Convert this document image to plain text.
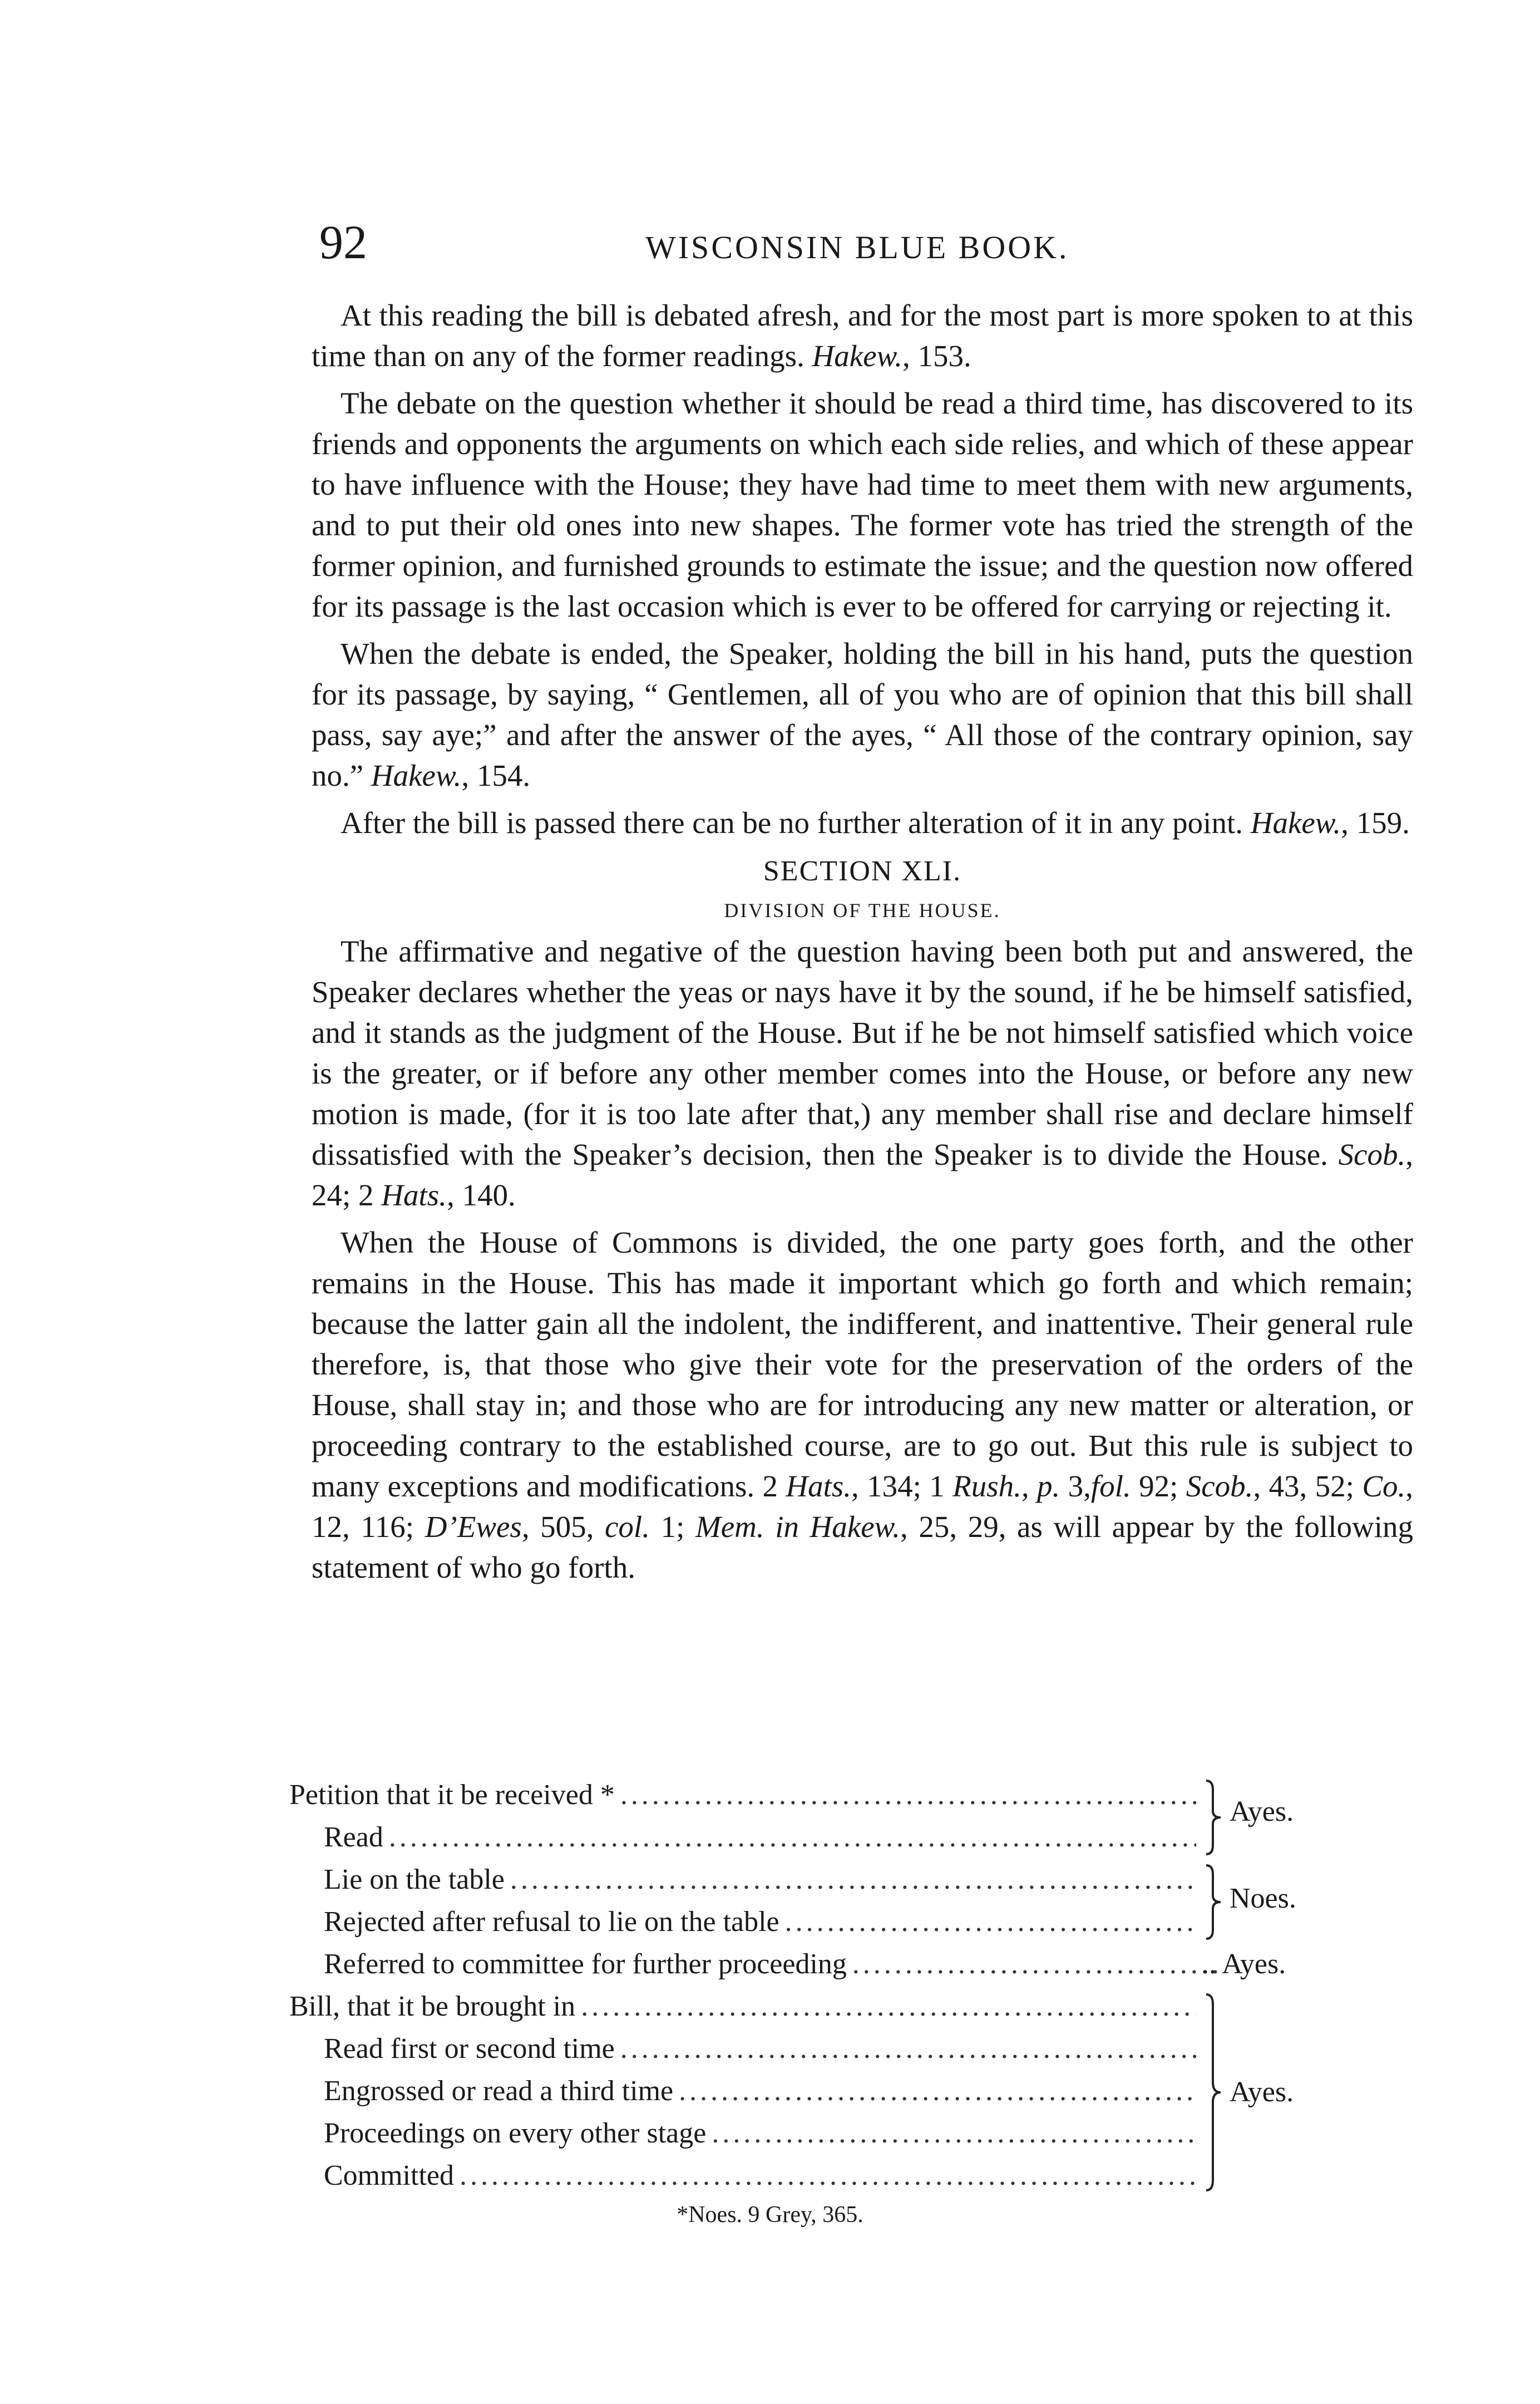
92	WISCONSIN BLUE BOOK.

At this reading the bill is debated afresh, and for the most part is more spoken to at this time than on any of the former readings. Hakew., 153.

The debate on the question whether it should be read a third time, has discovered to its friends and opponents the arguments on which each side relies, and which of these appear to have influence with the House; they have had time to meet them with new arguments, and to put their old ones into new shapes. The former vote has tried the strength of the former opinion, and furnished grounds to estimate the issue; and the question now offered for its passage is the last occasion which is ever to be offered for carrying or rejecting it.

When the debate is ended, the Speaker, holding the bill in his hand, puts the question for its passage, by saying, “ Gentlemen, all of you who are of opinion that this bill shall pass, say aye;” and after the answer of the ayes, “ All those of the contrary opinion, say no.” Hakew., 154.

After the bill is passed there can be no further alteration of it in any point. Hakew., 159.

SECTION XLI.
DIVISION OF THE HOUSE.

The affirmative and negative of the question having been both put and answered, the Speaker declares whether the yeas or nays have it by the sound, if he be himself satisfied, and it stands as the judgment of the House. But if he be not himself satisfied which voice is the greater, or if before any other member comes into the House, or before any new motion is made, (for it is too late after that,) any member shall rise and declare himself dissatisfied with the Speaker’s decision, then the Speaker is to divide the House. Scob., 24; 2 Hats., 140.

When the House of Commons is divided, the one party goes forth, and the other remains in the House. This has made it important which go forth and which remain; because the latter gain all the indolent, the indifferent, and inattentive. Their general rule therefore, is, that those who give their vote for the preservation of the orders of the House, shall stay in; and those who are for introducing any new matter or alteration, or proceeding contrary to the established course, are to go out. But this rule is subject to many exceptions and modifications. 2 Hats., 134; 1 Rush., p. 3,fol. 92; Scob., 43, 52; Co., 12, 116; D’Ewes, 505, col. 1; Mem. in Hakew., 25, 29, as will appear by the following statement of who go forth.

Petition that it be received *
.....
Read
.....
Lie on the table
.....
Rejected after refusal to lie on the table
.....
Referred to committee for further proceeding
.....
Bill, that it be brought in
.....
Read first or second time
.....
Engrossed or read a third time
.....
Proceedings on every other stage
.....
Committed
.....
Ayes.
Noes.
.. Ayes.
Ayes.
*Noes. 9 Grey, 365.
